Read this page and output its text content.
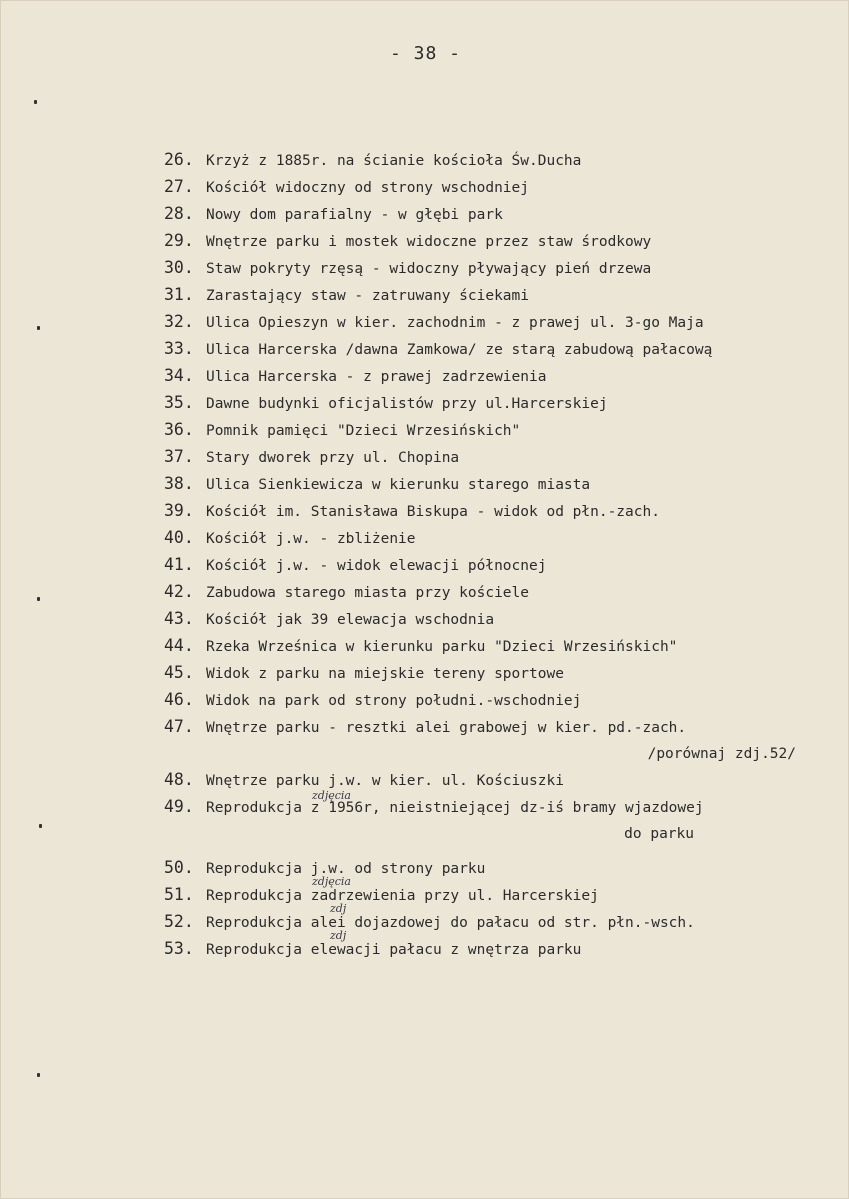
- 38 -
26. Krzyż z 1885r. na ścianie kościoła Św.Ducha
27. Kościół widoczny od strony wschodniej
28. Nowy dom parafialny - w głębi park
29. Wnętrze parku i mostek widoczne przez staw środkowy
30. Staw pokryty rzęsą - widoczny pływający pień drzewa
31. Zarastający staw - zatruwany ściekami
32. Ulica Opieszyn w kier. zachodnim - z prawej ul. 3-go Maja
33. Ulica Harcerska /dawna Zamkowa/ ze starą zabudową pałacową
34. Ulica Harcerska - z prawej zadrzewienia
35. Dawne budynki oficjalistów przy ul.Harcerskiej
36. Pomnik pamięci "Dzieci Wrzesińskich"
37. Stary dworek przy ul. Chopina
38. Ulica Sienkiewicza w kierunku starego miasta
39. Kościół im. Stanisława Biskupa - widok od płn.-zach.
40. Kościół j.w. - zbliżenie
41. Kościół j.w. - widok elewacji północnej
42. Zabudowa starego miasta przy kościele
43. Kościół jak 39 elewacja wschodnia
44. Rzeka Wrześnica w kierunku parku "Dzieci Wrzesińskich"
45. Widok z parku na miejskie tereny sportowe
46. Widok na park od strony południ.-wschodniej
47. Wnętrze parku - resztki alei grabowej w kier. pd.-zach.
/porównaj zdj.52/
48. Wnętrze parku j.w. w kier. ul. Kościuszki
49. Reprodukcja z 1956r, nieistniejącej dz-iś bramy wjazdowej
zdjęcia
do parku
50. Reprodukcja j.w. od strony parku
51. Reprodukcja zadrzewienia przy ul. Harcerskiej
zdjęcia
52. Reprodukcja alei dojazdowej do pałacu od str. płn.-wsch.
zdj
53. Reprodukcja elewacji pałacu z wnętrza parku
zdj
